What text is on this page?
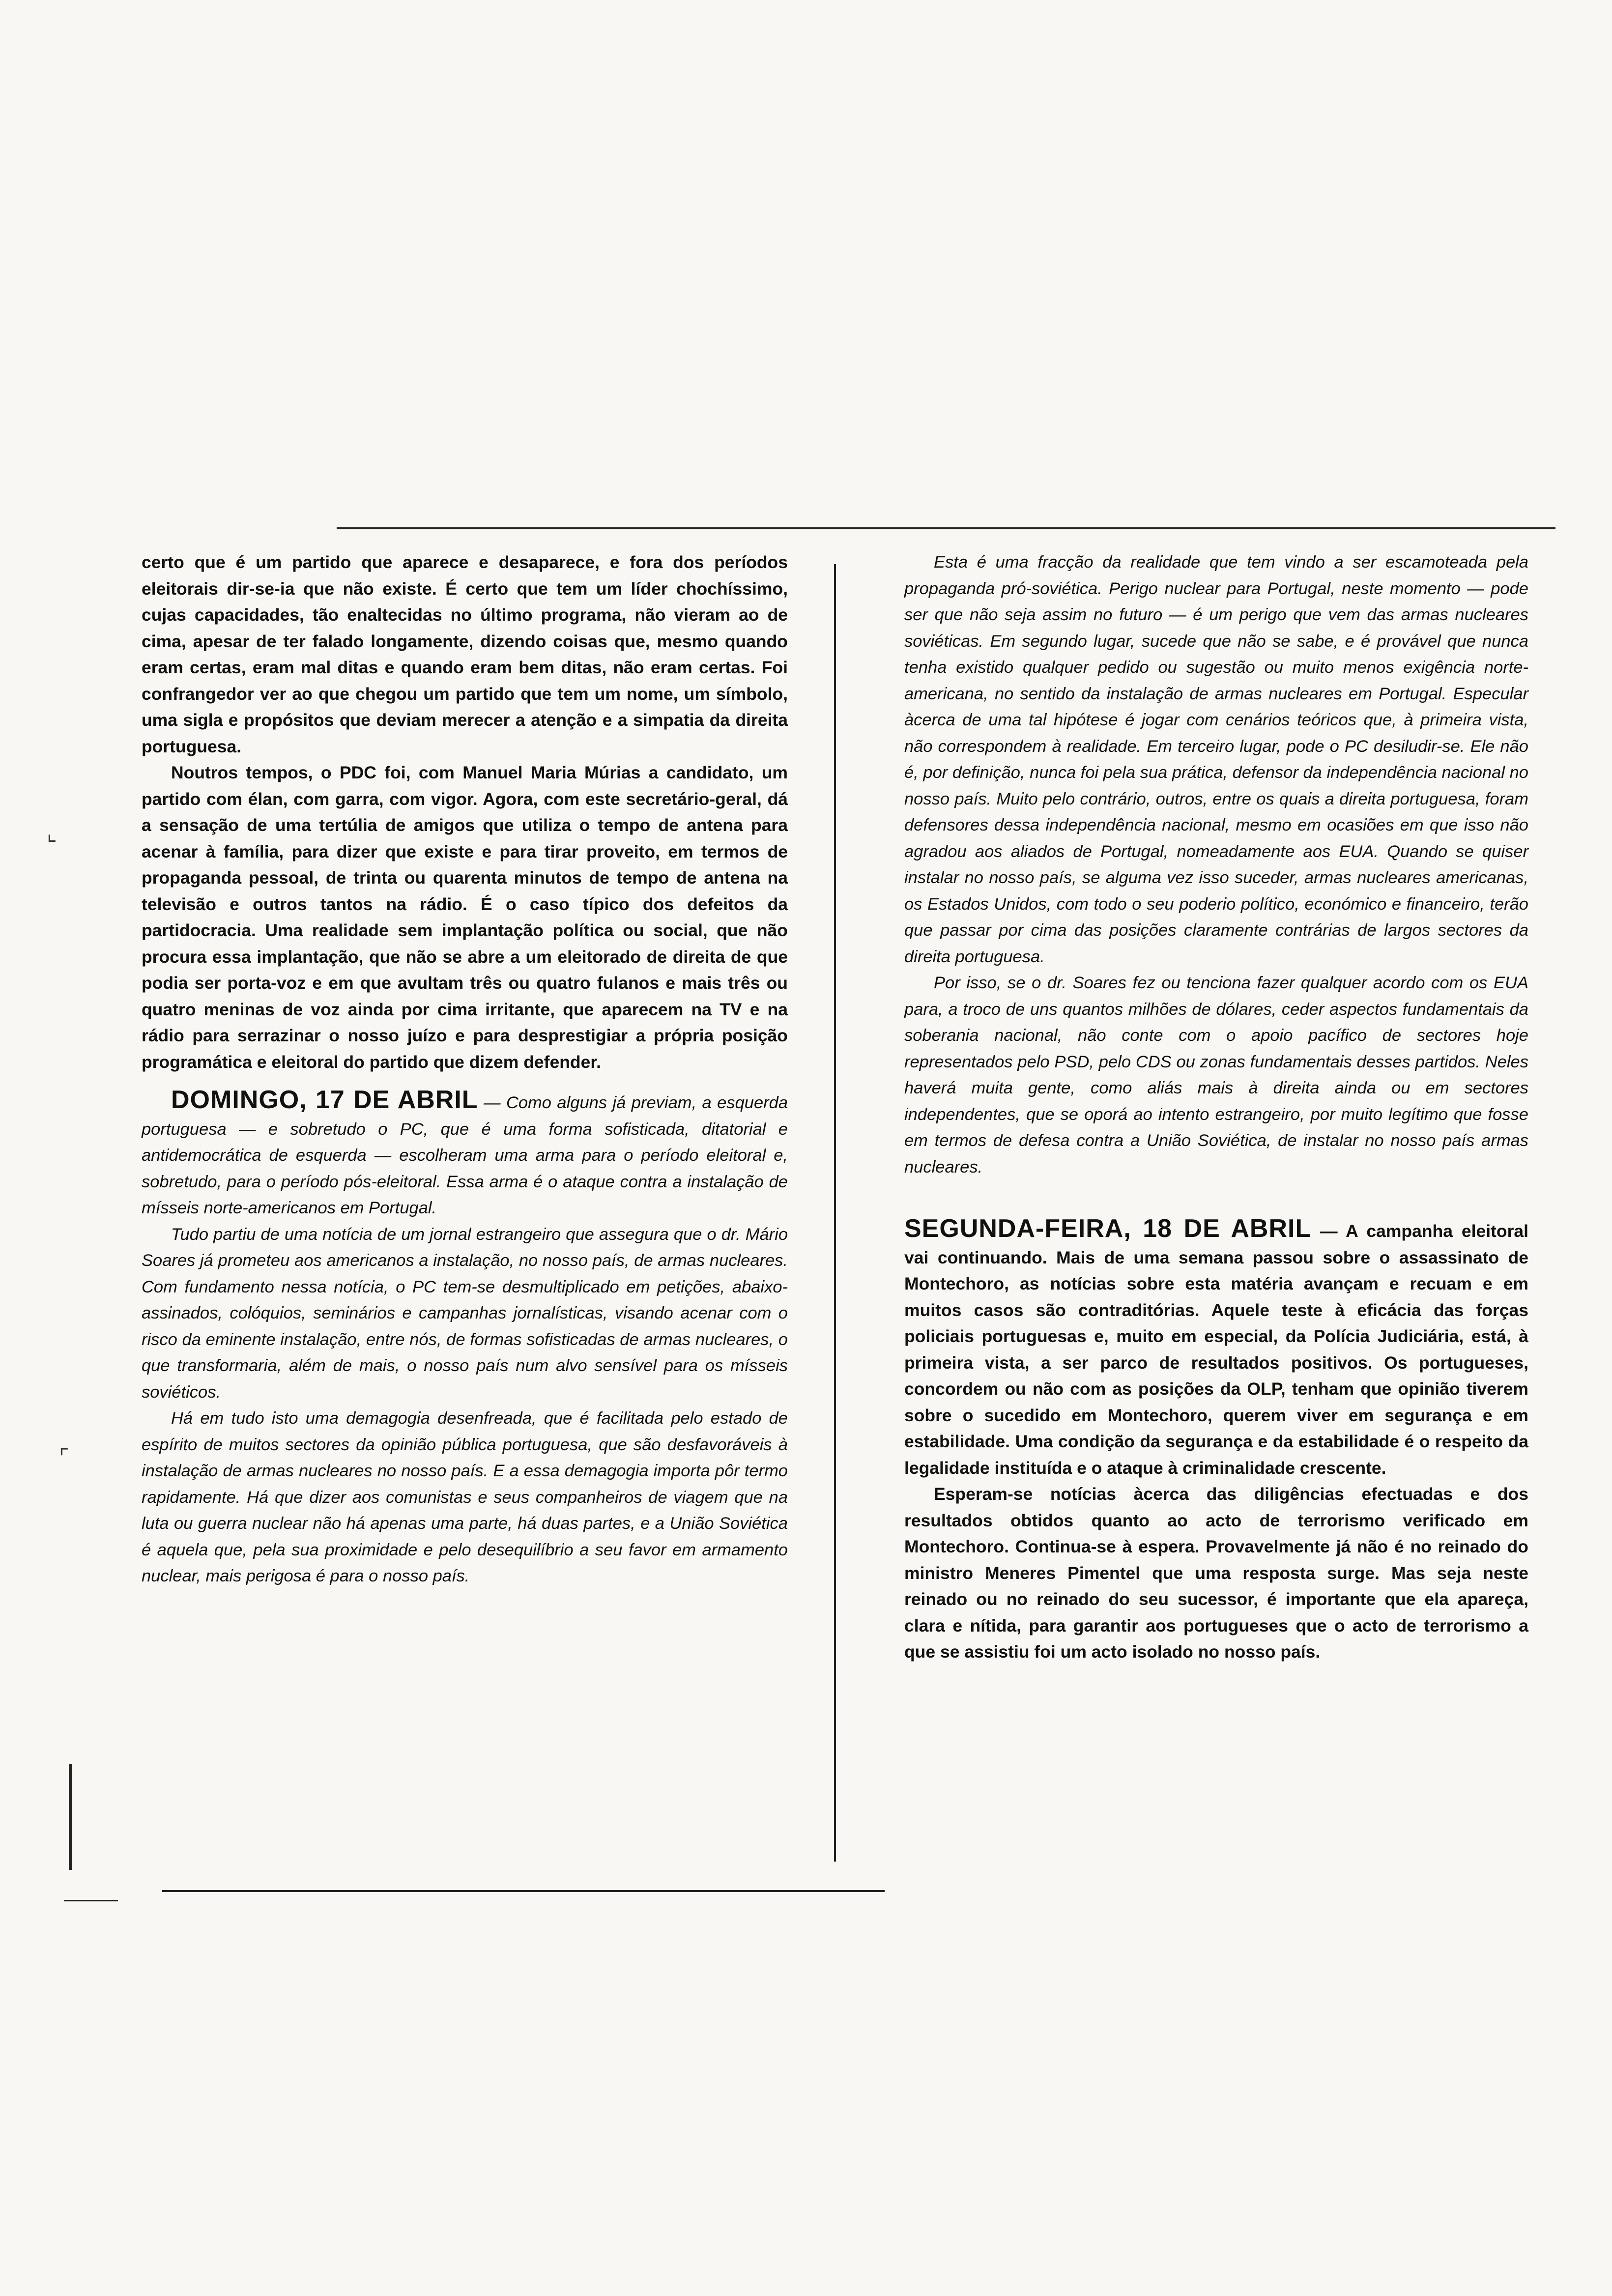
⌞
⌜

certo que é um partido que aparece e desaparece, e fora dos períodos eleitorais dir-se-ia que não existe. É certo que tem um líder chochíssimo, cujas capacidades, tão enaltecidas no último programa, não vieram ao de cima, apesar de ter falado longamente, dizendo coisas que, mesmo quando eram certas, eram mal ditas e quando eram bem ditas, não eram certas. Foi confrangedor ver ao que chegou um partido que tem um nome, um símbolo, uma sigla e propósitos que deviam merecer a atenção e a simpatia da direita portuguesa.

Noutros tempos, o PDC foi, com Manuel Maria Múrias a candidato, um partido com élan, com garra, com vigor. Agora, com este secretário-geral, dá a sensação de uma tertúlia de amigos que utiliza o tempo de antena para acenar à família, para dizer que existe e para tirar proveito, em termos de propaganda pessoal, de trinta ou quarenta minutos de tempo de antena na televisão e outros tantos na rádio. É o caso típico dos defeitos da partidocracia. Uma realidade sem implantação política ou social, que não procura essa implantação, que não se abre a um eleitorado de direita de que podia ser porta-voz e em que avultam três ou quatro fulanos e mais três ou quatro meninas de voz ainda por cima irritante, que aparecem na TV e na rádio para serrazinar o nosso juízo e para desprestigiar a própria posição programática e eleitoral do partido que dizem defender.

DOMINGO, 17 DE ABRIL — Como alguns já previam, a esquerda portuguesa — e sobretudo o PC, que é uma forma sofisticada, ditatorial e antidemocrática de esquerda — escolheram uma arma para o período eleitoral e, sobretudo, para o período pós-eleitoral. Essa arma é o ataque contra a instalação de mísseis norte-americanos em Portugal.

Tudo partiu de uma notícia de um jornal estrangeiro que assegura que o dr. Mário Soares já prometeu aos americanos a instalação, no nosso país, de armas nucleares. Com fundamento nessa notícia, o PC tem-se desmultiplicado em petições, abaixo-assinados, colóquios, seminários e campanhas jornalísticas, visando acenar com o risco da eminente instalação, entre nós, de formas sofisticadas de armas nucleares, o que transformaria, além de mais, o nosso país num alvo sensível para os mísseis soviéticos.

Há em tudo isto uma demagogia desenfreada, que é facilitada pelo estado de espírito de muitos sectores da opinião pública portuguesa, que são desfavoráveis à instalação de armas nucleares no nosso país. E a essa demagogia importa pôr termo rapidamente. Há que dizer aos comunistas e seus companheiros de viagem que na luta ou guerra nuclear não há apenas uma parte, há duas partes, e a União Soviética é aquela que, pela sua proximidade e pelo desequilíbrio a seu favor em armamento nuclear, mais perigosa é para o nosso país.

Esta é uma fracção da realidade que tem vindo a ser escamoteada pela propaganda pró-soviética. Perigo nuclear para Portugal, neste momento — pode ser que não seja assim no futuro — é um perigo que vem das armas nucleares soviéticas. Em segundo lugar, sucede que não se sabe, e é provável que nunca tenha existido qualquer pedido ou sugestão ou muito menos exigência norte-americana, no sentido da instalação de armas nucleares em Portugal. Especular àcerca de uma tal hipótese é jogar com cenários teóricos que, à primeira vista, não correspondem à realidade. Em terceiro lugar, pode o PC desiludir-se. Ele não é, por definição, nunca foi pela sua prática, defensor da independência nacional no nosso país. Muito pelo contrário, outros, entre os quais a direita portuguesa, foram defensores dessa independência nacional, mesmo em ocasiões em que isso não agradou aos aliados de Portugal, nomeadamente aos EUA. Quando se quiser instalar no nosso país, se alguma vez isso suceder, armas nucleares americanas, os Estados Unidos, com todo o seu poderio político, económico e financeiro, terão que passar por cima das posições claramente contrárias de largos sectores da direita portuguesa.

Por isso, se o dr. Soares fez ou tenciona fazer qualquer acordo com os EUA para, a troco de uns quantos milhões de dólares, ceder aspectos fundamentais da soberania nacional, não conte com o apoio pacífico de sectores hoje representados pelo PSD, pelo CDS ou zonas fundamentais desses partidos. Neles haverá muita gente, como aliás mais à direita ainda ou em sectores independentes, que se oporá ao intento estrangeiro, por muito legítimo que fosse em termos de defesa contra a União Soviética, de instalar no nosso país armas nucleares.

SEGUNDA-FEIRA, 18 DE ABRIL — A campanha eleitoral vai continuando. Mais de uma semana passou sobre o assassinato de Montechoro, as notícias sobre esta matéria avançam e recuam e em muitos casos são contraditórias. Aquele teste à eficácia das forças policiais portuguesas e, muito em especial, da Polícia Judiciária, está, à primeira vista, a ser parco de resultados positivos. Os portugueses, concordem ou não com as posições da OLP, tenham que opinião tiverem sobre o sucedido em Montechoro, querem viver em segurança e em estabilidade. Uma condição da segurança e da estabilidade é o respeito da legalidade instituída e o ataque à criminalidade crescente.

Esperam-se notícias àcerca das diligências efectuadas e dos resultados obtidos quanto ao acto de terrorismo verificado em Montechoro. Continua-se à espera. Provavelmente já não é no reinado do ministro Meneres Pimentel que uma resposta surge. Mas seja neste reinado ou no reinado do seu sucessor, é importante que ela apareça, clara e nítida, para garantir aos portugueses que o acto de terrorismo a que se assistiu foi um acto isolado no nosso país.
